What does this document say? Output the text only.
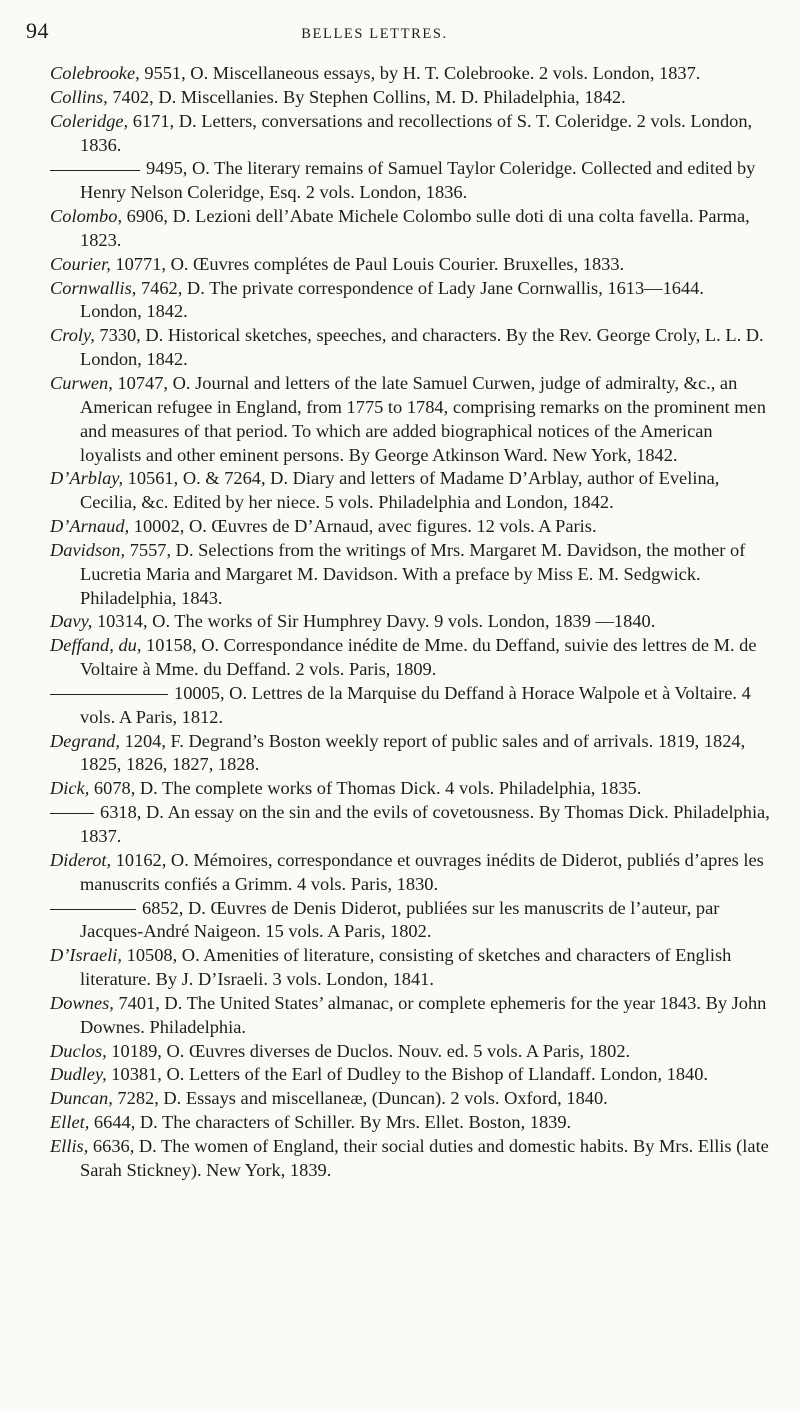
94	BELLES LETTRES.

Colebrooke, 9551, O. Miscellaneous essays, by H. T. Colebrooke. 2 vols. London, 1837.

Collins, 7402, D. Miscellanies. By Stephen Collins, M. D. Philadelphia, 1842.

Coleridge, 6171, D. Letters, conversations and recollections of S. T. Coleridge. 2 vols. London, 1836.

9495, O. The literary remains of Samuel Taylor Coleridge. Collected and edited by Henry Nelson Coleridge, Esq. 2 vols. London, 1836.

Colombo, 6906, D. Lezioni dell’Abate Michele Colombo sulle doti di una colta favella. Parma, 1823.

Courier, 10771, O. Œuvres complétes de Paul Louis Courier. Bruxelles, 1833.

Cornwallis, 7462, D. The private correspondence of Lady Jane Cornwallis, 1613—1644. London, 1842.

Croly, 7330, D. Historical sketches, speeches, and characters. By the Rev. George Croly, L. L. D. London, 1842.

Curwen, 10747, O. Journal and letters of the late Samuel Curwen, judge of admiralty, &c., an American refugee in England, from 1775 to 1784, comprising remarks on the prominent men and measures of that period. To which are added biographical notices of the American loyalists and other eminent persons. By George Atkinson Ward. New York, 1842.

D’Arblay, 10561, O. & 7264, D. Diary and letters of Madame D’Arblay, author of Evelina, Cecilia, &c. Edited by her niece. 5 vols. Philadelphia and London, 1842.

D’Arnaud, 10002, O. Œuvres de D’Arnaud, avec figures. 12 vols. A Paris.

Davidson, 7557, D. Selections from the writings of Mrs. Margaret M. Davidson, the mother of Lucretia Maria and Margaret M. Davidson. With a preface by Miss E. M. Sedgwick. Philadelphia, 1843.

Davy, 10314, O. The works of Sir Humphrey Davy. 9 vols. London, 1839 —1840.

Deffand, du, 10158, O. Correspondance inédite de Mme. du Deffand, suivie des lettres de M. de Voltaire à Mme. du Deffand. 2 vols. Paris, 1809.

10005, O. Lettres de la Marquise du Deffand à Horace Walpole et à Voltaire. 4 vols. A Paris, 1812.

Degrand, 1204, F. Degrand’s Boston weekly report of public sales and of arrivals. 1819, 1824, 1825, 1826, 1827, 1828.

Dick, 6078, D. The complete works of Thomas Dick. 4 vols. Philadelphia, 1835.

6318, D. An essay on the sin and the evils of covetousness. By Thomas Dick. Philadelphia, 1837.

Diderot, 10162, O. Mémoires, correspondance et ouvrages inédits de Diderot, publiés d’apres les manuscrits confiés a Grimm. 4 vols. Paris, 1830.

6852, D. Œuvres de Denis Diderot, publiées sur les manuscrits de l’auteur, par Jacques-André Naigeon. 15 vols. A Paris, 1802.

D’Israeli, 10508, O. Amenities of literature, consisting of sketches and characters of English literature. By J. D’Israeli. 3 vols. London, 1841.

Downes, 7401, D. The United States’ almanac, or complete ephemeris for the year 1843. By John Downes. Philadelphia.

Duclos, 10189, O. Œuvres diverses de Duclos. Nouv. ed. 5 vols. A Paris, 1802.

Dudley, 10381, O. Letters of the Earl of Dudley to the Bishop of Llandaff. London, 1840.

Duncan, 7282, D. Essays and miscellaneæ, (Duncan). 2 vols. Oxford, 1840.

Ellet, 6644, D. The characters of Schiller. By Mrs. Ellet. Boston, 1839.

Ellis, 6636, D. The women of England, their social duties and domestic habits. By Mrs. Ellis (late Sarah Stickney). New York, 1839.
